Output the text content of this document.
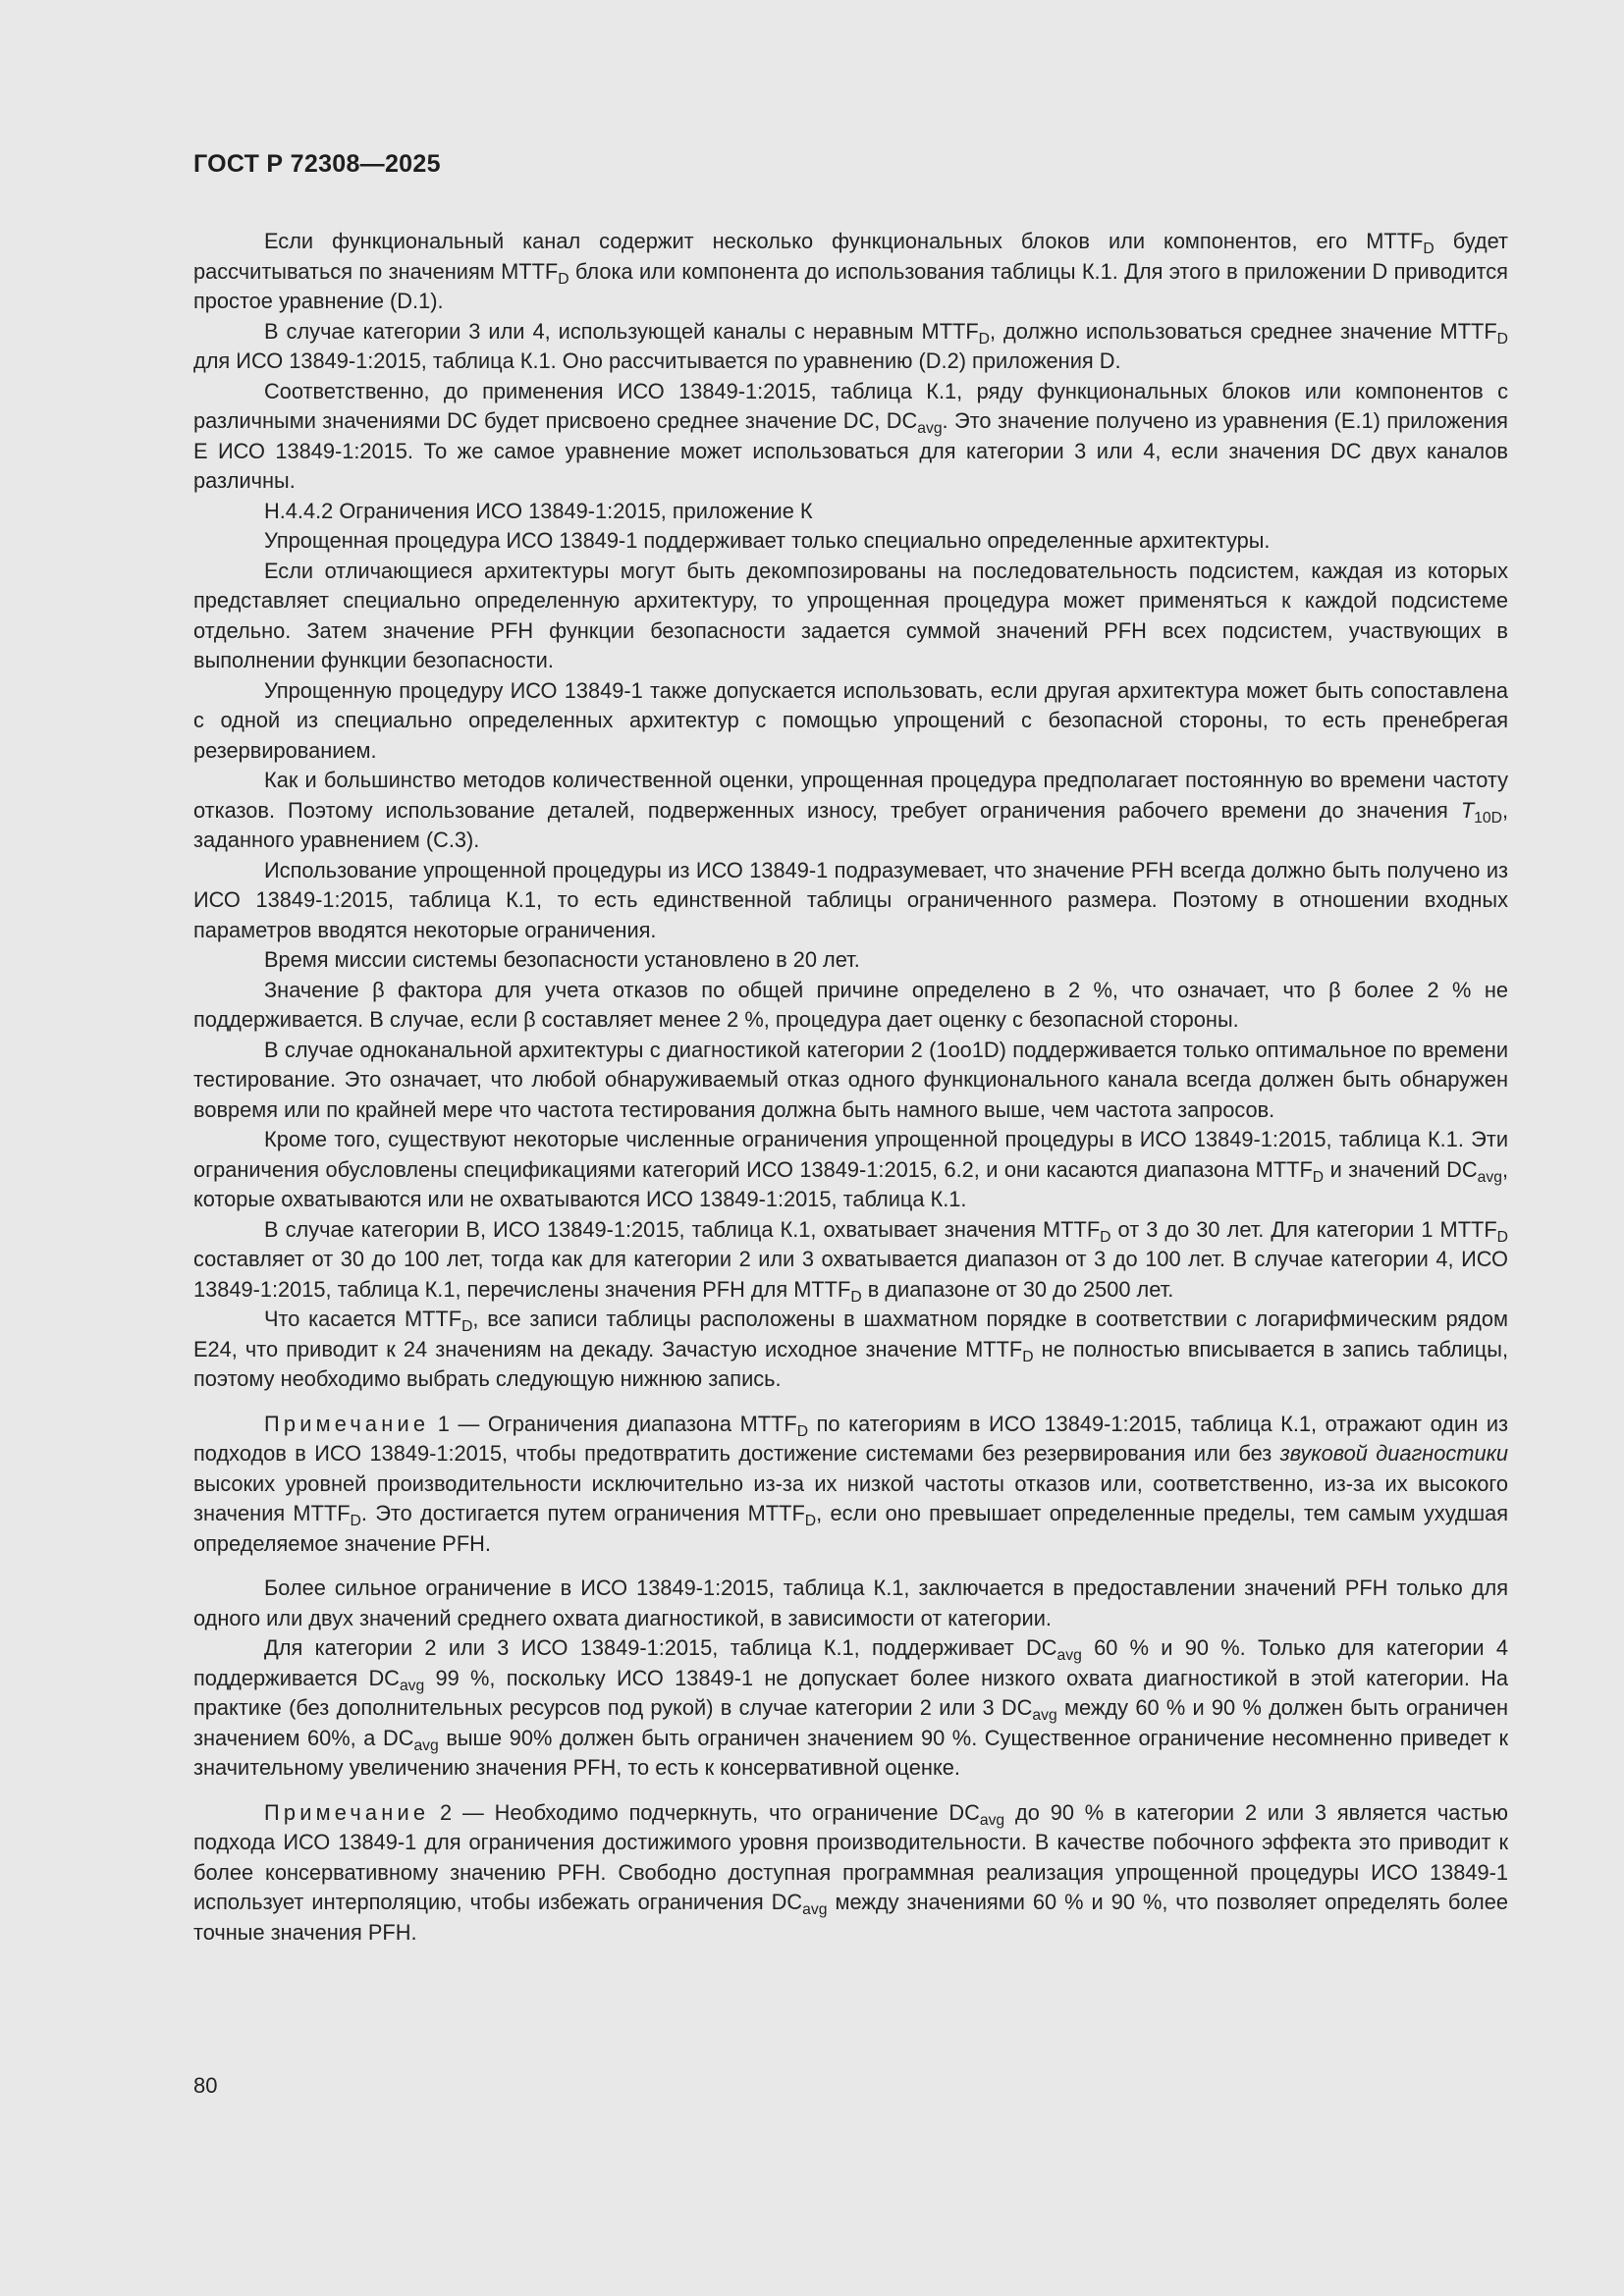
ГОСТ Р 72308—2025

Если функциональный канал содержит несколько функциональных блоков или компонентов, его $MTTF_D$ будет рассчитываться по значениям $MTTF_D$ блока или компонента до использования таблицы К.1. Для этого в приложении D приводится простое уравнение (D.1).

В случае категории 3 или 4, использующей каналы с неравным $MTTF_D$, должно использоваться среднее значение $MTTF_D$ для ИСО 13849-1:2015, таблица К.1. Оно рассчитывается по уравнению (D.2) приложения D.

Соответственно, до применения ИСО 13849-1:2015, таблица К.1, ряду функциональных блоков или компонентов с различными значениями DC будет присвоено среднее значение DC, $DC_{avg}$. Это значение получено из уравнения (E.1) приложения E ИСО 13849-1:2015. То же самое уравнение может использоваться для категории 3 или 4, если значения DC двух каналов различны.

Н.4.4.2 Ограничения ИСО 13849-1:2015, приложение К

Упрощенная процедура ИСО 13849-1 поддерживает только специально определенные архитектуры.

Если отличающиеся архитектуры могут быть декомпозированы на последовательность подсистем, каждая из которых представляет специально определенную архитектуру, то упрощенная процедура может применяться к каждой подсистеме отдельно. Затем значение PFH функции безопасности задается суммой значений PFH всех подсистем, участвующих в выполнении функции безопасности.

Упрощенную процедуру ИСО 13849-1 также допускается использовать, если другая архитектура может быть сопоставлена с одной из специально определенных архитектур с помощью упрощений с безопасной стороны, то есть пренебрегая резервированием.

Как и большинство методов количественной оценки, упрощенная процедура предполагает постоянную во времени частоту отказов. Поэтому использование деталей, подверженных износу, требует ограничения рабочего времени до значения $T_{10D}$, заданного уравнением (С.3).

Использование упрощенной процедуры из ИСО 13849-1 подразумевает, что значение PFH всегда должно быть получено из ИСО 13849-1:2015, таблица К.1, то есть единственной таблицы ограниченного размера. Поэтому в отношении входных параметров вводятся некоторые ограничения.

Время миссии системы безопасности установлено в 20 лет.

Значение β фактора для учета отказов по общей причине определено в 2 %, что означает, что β более 2 % не поддерживается. В случае, если β составляет менее 2 %, процедура дает оценку с безопасной стороны.

В случае одноканальной архитектуры с диагностикой категории 2 (1oo1D) поддерживается только оптимальное по времени тестирование. Это означает, что любой обнаруживаемый отказ одного функционального канала всегда должен быть обнаружен вовремя или по крайней мере что частота тестирования должна быть намного выше, чем частота запросов.

Кроме того, существуют некоторые численные ограничения упрощенной процедуры в ИСО 13849-1:2015, таблица К.1. Эти ограничения обусловлены спецификациями категорий ИСО 13849-1:2015, 6.2, и они касаются диапазона $MTTF_D$ и значений $DC_{avg}$, которые охватываются или не охватываются ИСО 13849-1:2015, таблица К.1.

В случае категории B, ИСО 13849-1:2015, таблица К.1, охватывает значения $MTTF_D$ от 3 до 30 лет. Для категории 1 $MTTF_D$ составляет от 30 до 100 лет, тогда как для категории 2 или 3 охватывается диапазон от 3 до 100 лет. В случае категории 4, ИСО 13849-1:2015, таблица К.1, перечислены значения PFH для $MTTF_D$ в диапазоне от 30 до 2500 лет.

Что касается $MTTF_D$, все записи таблицы расположены в шахматном порядке в соответствии с логарифмическим рядом E24, что приводит к 24 значениям на декаду. Зачастую исходное значение $MTTF_D$ не полностью вписывается в запись таблицы, поэтому необходимо выбрать следующую нижнюю запись.

Примечание 1 — Ограничения диапазона $MTTF_D$ по категориям в ИСО 13849-1:2015, таблица К.1, отражают один из подходов в ИСО 13849-1:2015, чтобы предотвратить достижение системами без резервирования или без звуковой диагностики высоких уровней производительности исключительно из-за их низкой частоты отказов или, соответственно, из-за их высокого значения $MTTF_D$. Это достигается путем ограничения $MTTF_D$, если оно превышает определенные пределы, тем самым ухудшая определяемое значение PFH.

Более сильное ограничение в ИСО 13849-1:2015, таблица К.1, заключается в предоставлении значений PFH только для одного или двух значений среднего охвата диагностикой, в зависимости от категории.

Для категории 2 или 3 ИСО 13849-1:2015, таблица К.1, поддерживает $DC_{avg}$ 60 % и 90 %. Только для категории 4 поддерживается $DC_{avg}$ 99 %, поскольку ИСО 13849-1 не допускает более низкого охвата диагностикой в этой категории. На практике (без дополнительных ресурсов под рукой) в случае категории 2 или 3 $DC_{avg}$ между 60 % и 90 % должен быть ограничен значением 60%, а $DC_{avg}$ выше 90% должен быть ограничен значением 90 %. Существенное ограничение несомненно приведет к значительному увеличению значения PFH, то есть к консервативной оценке.

Примечание 2 — Необходимо подчеркнуть, что ограничение $DC_{avg}$ до 90 % в категории 2 или 3 является частью подхода ИСО 13849-1 для ограничения достижимого уровня производительности. В качестве побочного эффекта это приводит к более консервативному значению PFH. Свободно доступная программная реализация упрощенной процедуры ИСО 13849-1 использует интерполяцию, чтобы избежать ограничения $DC_{avg}$ между значениями 60 % и 90 %, что позволяет определять более точные значения PFH.

80
